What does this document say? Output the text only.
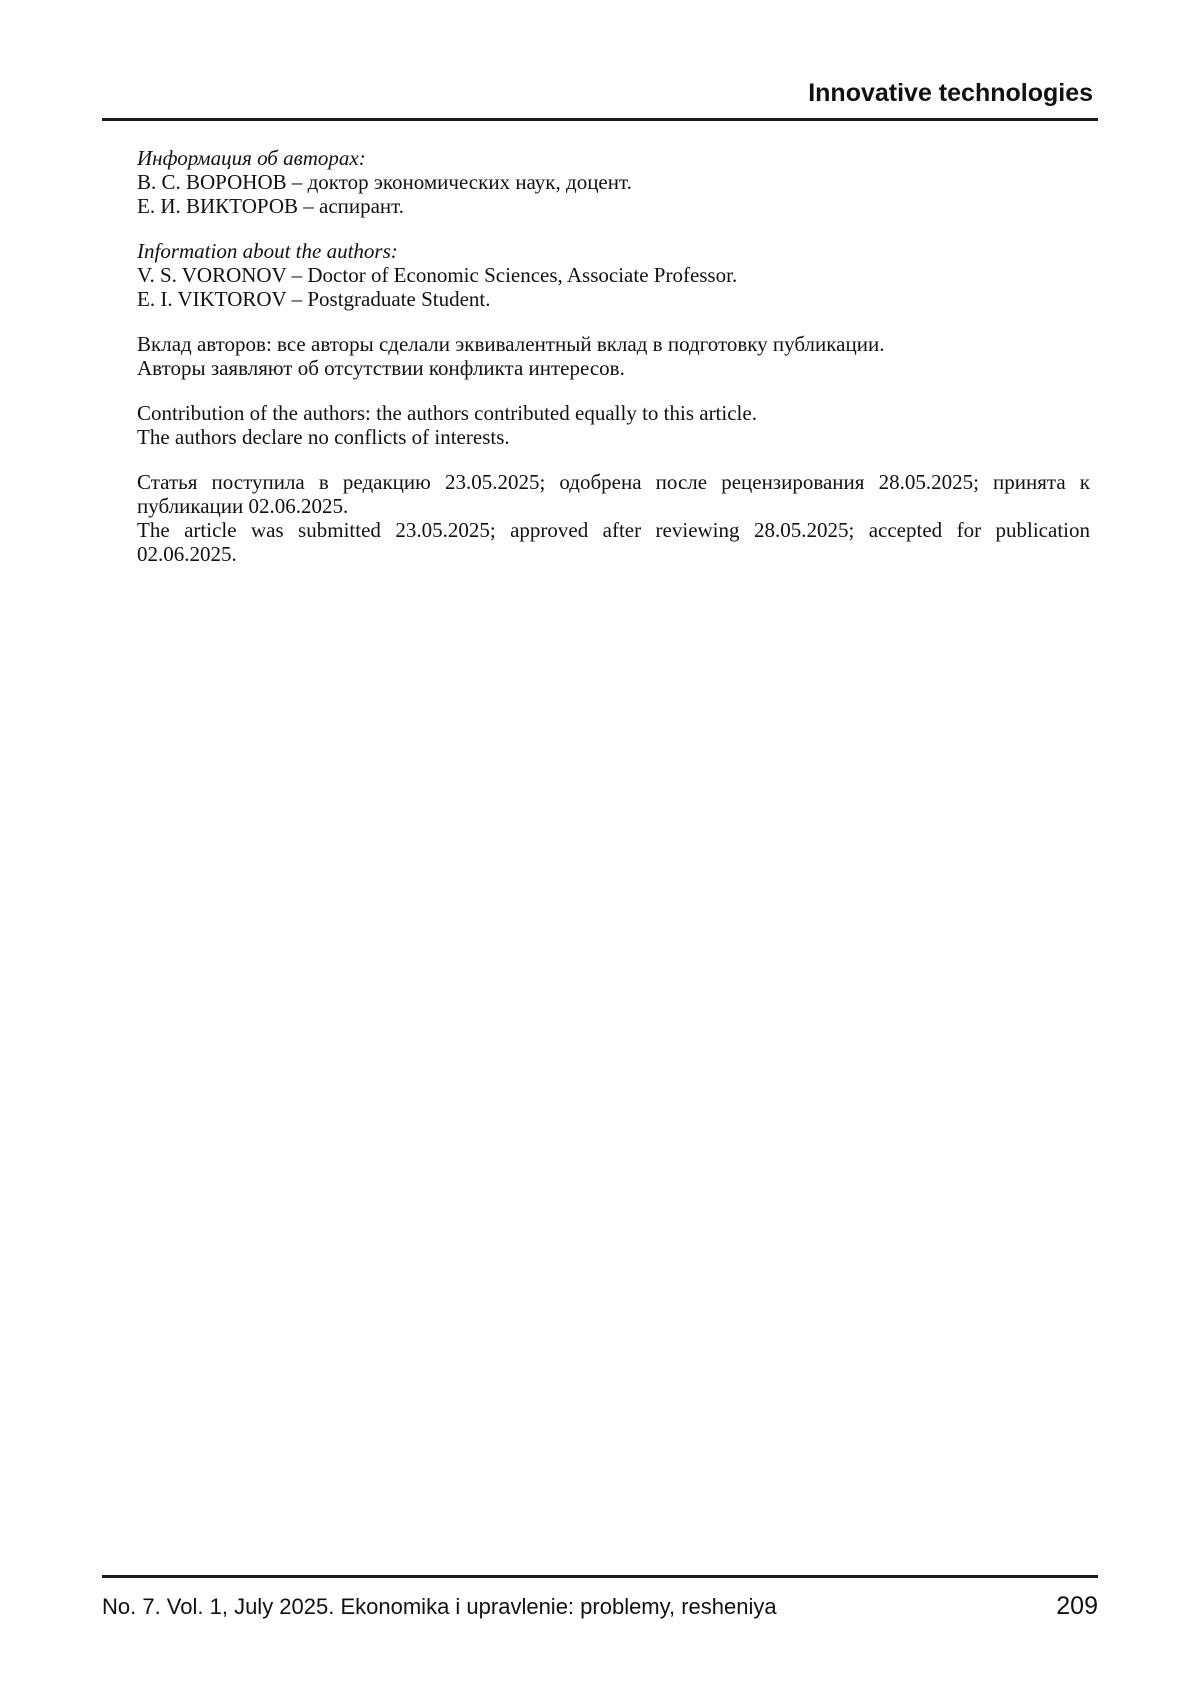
Innovative technologies

Информация об авторах:

В. С. ВОРОНОВ – доктор экономических наук, доцент.

Е. И. ВИКТОРОВ – аспирант.

Information about the authors:

V. S. VORONOV – Doctor of Economic Sciences, Associate Professor.

E. I. VIKTOROV – Postgraduate Student.

Вклад авторов: все авторы сделали эквивалентный вклад в подготовку публикации.

Авторы заявляют об отсутствии конфликта интересов.

Contribution of the authors: the authors contributed equally to this article.

The authors declare no conflicts of interests.

Статья поступила в редакцию 23.05.2025; одобрена после рецензирования 28.05.2025; принята к публикации 02.06.2025.

The article was submitted 23.05.2025; approved after reviewing 28.05.2025; accepted for publication 02.06.2025.

No. 7. Vol. 1, July 2025. Ekonomika i upravlenie: problemy, resheniya	209
